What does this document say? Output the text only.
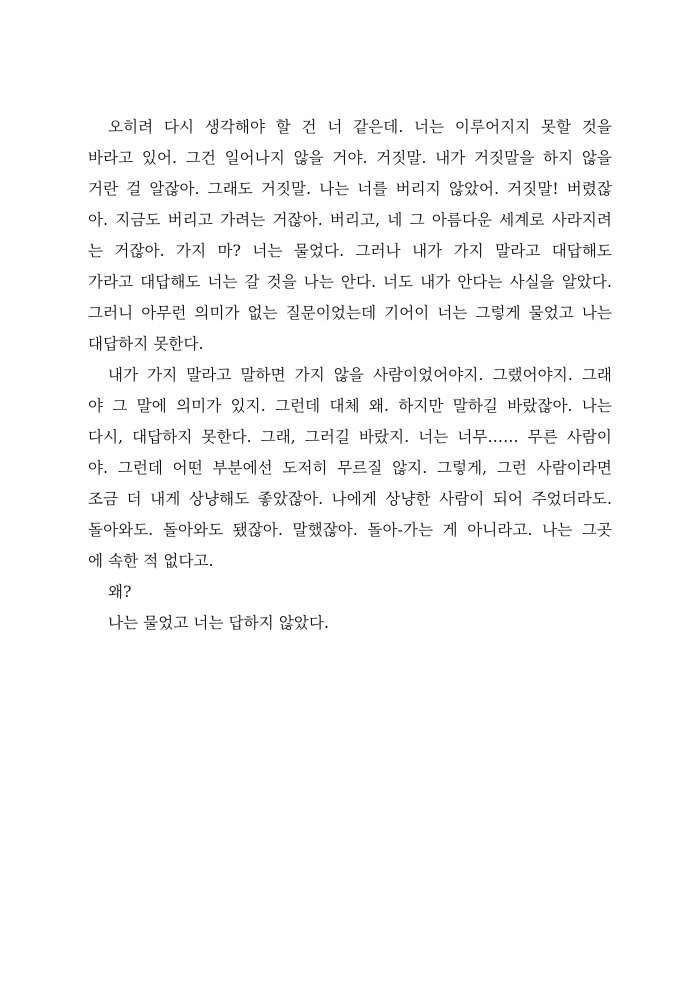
오히려 다시 생각해야 할 건 너 같은데. 너는 이루어지지 못할 것을
바라고 있어. 그건 일어나지 않을 거야. 거짓말. 내가 거짓말을 하지 않을
거란 걸 알잖아. 그래도 거짓말. 나는 너를 버리지 않았어. 거짓말! 버렸잖
아. 지금도 버리고 가려는 거잖아. 버리고, 네 그 아름다운 세계로 사라지려
는 거잖아. 가지 마? 너는 물었다. 그러나 내가 가지 말라고 대답해도
가라고 대답해도 너는 갈 것을 나는 안다. 너도 내가 안다는 사실을 알았다.
그러니 아무런 의미가 없는 질문이었는데 기어이 너는 그렇게 물었고 나는
대답하지 못한다.
내가 가지 말라고 말하면 가지 않을 사람이었어야지. 그랬어야지. 그래
야 그 말에 의미가 있지. 그런데 대체 왜. 하지만 말하길 바랐잖아. 나는
다시, 대답하지 못한다. 그래, 그러길 바랐지. 너는 너무…… 무른 사람이
야. 그런데 어떤 부분에선 도저히 무르질 않지. 그렇게, 그런 사람이라면
조금 더 내게 상냥해도 좋았잖아. 나에게 상냥한 사람이 되어 주었더라도.
돌아와도. 돌아와도 됐잖아. 말했잖아. 돌아-가는 게 아니라고. 나는 그곳
에 속한 적 없다고.
왜?
나는 물었고 너는 답하지 않았다.
